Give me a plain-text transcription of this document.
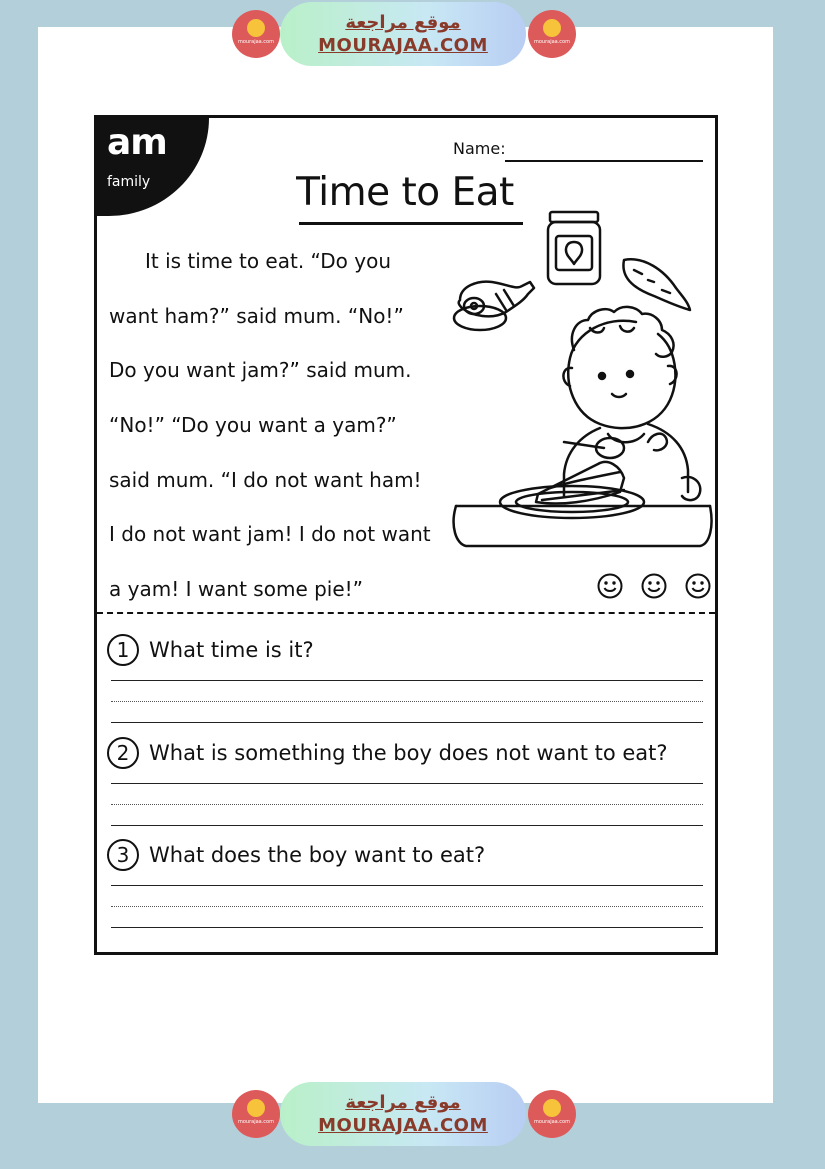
mourajaa.com
موقع مراجعة
MOURAJAA.COM	mourajaa.com
am
family
Name:
Time to Eat
It is time to eat. “Do you
want ham?” said mum. “No!”
Do you want jam?” said mum.
“No!” “Do you want a yam?”
said mum. “I do not want ham!
I do not want jam! I do not want
a yam! I want some pie!”
1 What time is it?
2 What is something the boy does not want to eat?
3 What does the boy want to eat?
mourajaa.com
موقع مراجعة
MOURAJAA.COM	mourajaa.com
